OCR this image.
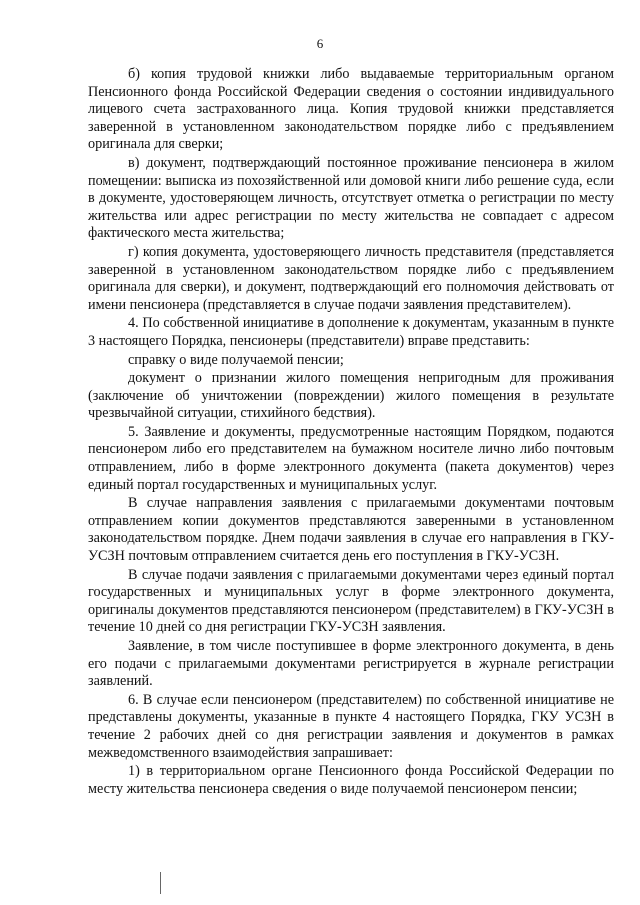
6

б) копия трудовой книжки либо выдаваемые территориальным органом Пенсионного фонда Российской Федерации сведения о состоянии индивидуального лицевого счета застрахованного лица. Копия трудовой книжки представляется заверенной в установленном законодательством порядке либо с предъявлением оригинала для сверки;

в) документ, подтверждающий постоянное проживание пенсионера в жилом помещении: выписка из похозяйственной или домовой книги либо решение суда, если в документе, удостоверяющем личность, отсутствует отметка о регистрации по месту жительства или адрес регистрации по месту жительства не совпадает с адресом фактического места жительства;

г) копия документа, удостоверяющего личность представителя (представляется заверенной в установленном законодательством порядке либо с предъявлением оригинала для сверки), и документ, подтверждающий его полномочия действовать от имени пенсионера (представляется в случае подачи заявления представителем).

4. По собственной инициативе в дополнение к документам, указанным в пункте 3 настоящего Порядка, пенсионеры (представители) вправе представить:

справку о виде получаемой пенсии;

документ о признании жилого помещения непригодным для проживания (заключение об уничтожении (повреждении) жилого помещения в результате чрезвычайной ситуации, стихийного бедствия).

5. Заявление и документы, предусмотренные настоящим Порядком, подаются пенсионером либо его представителем на бумажном носителе лично либо почтовым отправлением, либо в форме электронного документа (пакета документов) через единый портал государственных и муниципальных услуг.

В случае направления заявления с прилагаемыми документами почтовым отправлением копии документов представляются заверенными в установленном законодательством порядке. Днем подачи заявления в случае его направления в ГКУ-УСЗН почтовым отправлением считается день его поступления в ГКУ-УСЗН.

В случае подачи заявления с прилагаемыми документами через единый портал государственных и муниципальных услуг в форме электронного документа, оригиналы документов представляются пенсионером (представителем) в ГКУ-УСЗН в течение 10 дней со дня регистрации ГКУ-УСЗН заявления.

Заявление, в том числе поступившее в форме электронного документа, в день его подачи с прилагаемыми документами регистрируется в журнале регистрации заявлений.

6. В случае если пенсионером (представителем) по собственной инициативе не представлены документы, указанные в пункте 4 настоящего Порядка, ГКУ УСЗН в течение 2 рабочих дней со дня регистрации заявления и документов в рамках межведомственного взаимодействия запрашивает:

1) в территориальном органе Пенсионного фонда Российской Федерации по месту жительства пенсионера сведения о виде получаемой пенсионером пенсии;
